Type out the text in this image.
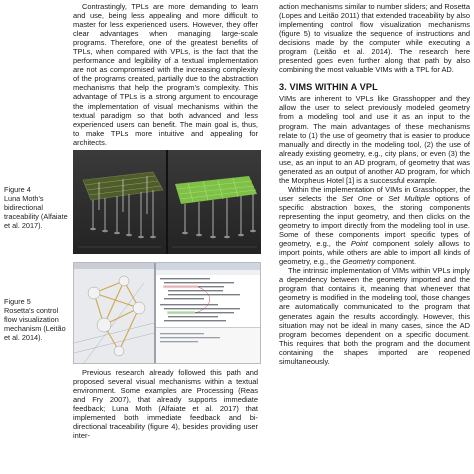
Contrastingly, TPLs are more demanding to learn and use, being less appealing and more difficult to master for less experienced users. However, they offer clear advantages when managing large-scale programs. Therefore, one of the greatest benefits of TPLs, when compared with VPLs, is the fact that the performance and legibility of a textual implementation are not as compromised with the increasing complexity of the programs created, partially due to the abstraction mechanisms that help the program's complexity. This advantage of TPLs is a strong argument to encourage the implementation of visual mechanisms within the textual paradigm so that both advanced and less experienced users can benefit. The main goal is, thus, to make TPLs more intuitive and appealing for architects.

Figure 4
Luna Moth's bidirectional traceability (Alfaiate et al. 2017).
Figure 5
Rosetta's control flow visualization mechanism (Leitão et al. 2014).

Previous research already followed this path and proposed several visual mechanisms within a textual environment. Some examples are Processing (Reas and Fry 2007), that already supports immediate feedback; Luna Moth (Alfaiate et al. 2017) that implemented both immediate feedback and bi-directional traceability (figure 4), besides providing user inter-

action mechanisms similar to number sliders; and Rosetta (Lopes and Leitão 2011) that extended traceability by also implementing control flow visualization mechanisms (figure 5) to visualize the sequence of instructions and decisions made by the computer while executing a program (Leitão et al. 2014). The research here presented goes even further along that path by also combining the most valuable VIMs with a TPL for AD.

3. VIMS WITHIN A VPL

VIMs are inherent to VPLs like Grasshopper and they allow the user to select previously modeled geometry from a modeling tool and use it as an input to the program. The main advantages of these mechanisms relate to (1) the use of geometry that is easier to produce manually and directly in the modeling tool, (2) the use of already existing geometry, e.g., city plans, or even (3) the use, as an input to an AD program, of geometry that was generated as an output of another AD program, for which the Morpheus Hotel [1] is a successful example.

Within the implementation of VIMs in Grasshopper, the user selects the Set One or Set Multiple options of specific abstraction boxes, the storing components representing the input geometry, and then clicks on the geometry to import directly from the modeling tool in use. Some of these components import specific types of geometry, e.g., the Point component solely allows to import points, while others are able to import all kinds of geometry, e.g., the Geometry component.

The intrinsic implementation of VIMs within VPLs imply a dependency between the geometry imported and the program that contains it, meaning that whenever that geometry is modified in the modeling tool, those changes are automatically communicated to the program that generates again the results accordingly. However, this situation may not be ideal in many cases, since the AD program becomes dependent on a specific document. This requires that both the program and the document containing the shapes imported are reopened simultaneously.
